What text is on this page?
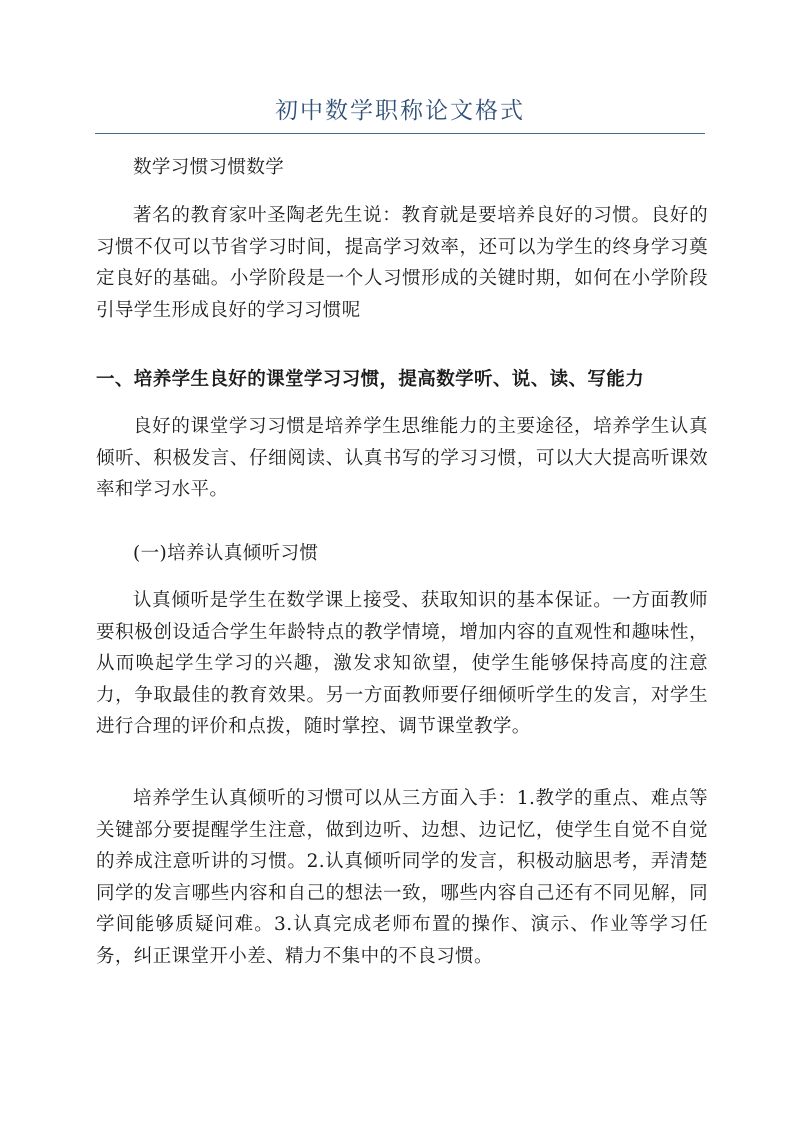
初中数学职称论文格式

数学习惯习惯数学

著名的教育家叶圣陶老先生说：教育就是要培养良好的习惯。良好的习惯不仅可以节省学习时间，提高学习效率，还可以为学生的终身学习奠定良好的基础。小学阶段是一个人习惯形成的关键时期，如何在小学阶段引导学生形成良好的学习习惯呢

一、培养学生良好的课堂学习习惯，提高数学听、说、读、写能力

良好的课堂学习习惯是培养学生思维能力的主要途径，培养学生认真倾听、积极发言、仔细阅读、认真书写的学习习惯，可以大大提高听课效率和学习水平。

(一)培养认真倾听习惯

认真倾听是学生在数学课上接受、获取知识的基本保证。一方面教师要积极创设适合学生年龄特点的教学情境，增加内容的直观性和趣味性，从而唤起学生学习的兴趣，激发求知欲望，使学生能够保持高度的注意力，争取最佳的教育效果。另一方面教师要仔细倾听学生的发言，对学生进行合理的评价和点拨，随时掌控、调节课堂教学。

培养学生认真倾听的习惯可以从三方面入手：1.教学的重点、难点等关键部分要提醒学生注意，做到边听、边想、边记忆，使学生自觉不自觉的养成注意听讲的习惯。2.认真倾听同学的发言，积极动脑思考，弄清楚同学的发言哪些内容和自己的想法一致，哪些内容自己还有不同见解，同学间能够质疑问难。3.认真完成老师布置的操作、演示、作业等学习任务，纠正课堂开小差、精力不集中的不良习惯。
